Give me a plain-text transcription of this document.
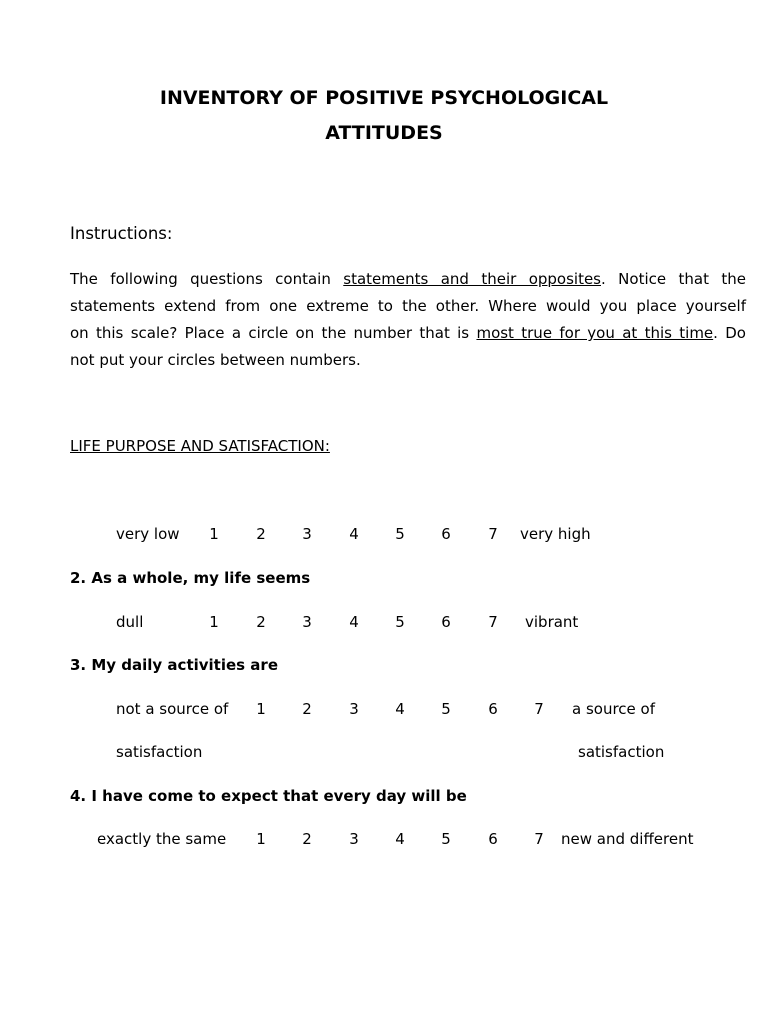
INVENTORY OF POSITIVE PSYCHOLOGICAL
ATTITUDES
Instructions:
The following questions contain statements and their opposites. Notice that the
statements extend from one extreme to the other. Where would you place yourself
on this scale? Place a circle on the number that is most true for you at this time. Do
not put your circles between numbers.
LIFE PURPOSE AND SATISFACTION:
very low	1	2	3	4	5	6	7	very high
2. As a whole, my life seems
dull	1	2	3	4	5	6	7	vibrant
3. My daily activities are
not a source of	1	2	3	4	5	6	7	a source of
satisfaction	satisfaction
4. I have come to expect that every day will be
exactly the same	1	2	3	4	5	6	7	new and different
